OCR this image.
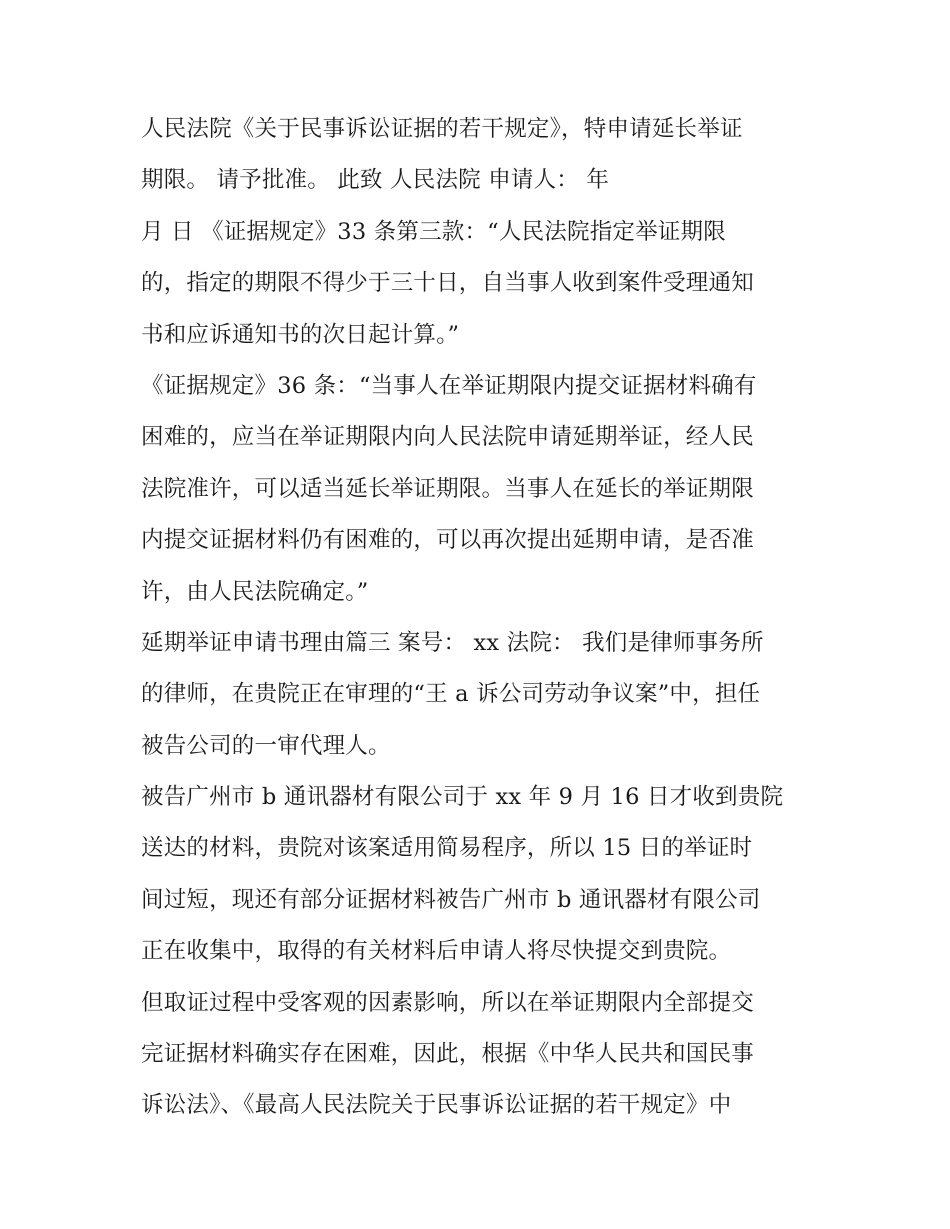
人民法院《关于民事诉讼证据的若干规定》，特申请延长举证
期限。 请予批准。 此致 人民法院 申请人： 年
月 日 《证据规定》33 条第三款：“人民法院指定举证期限
的，指定的期限不得少于三十日，自当事人收到案件受理通知
书和应诉通知书的次日起计算。”
《证据规定》36 条：“当事人在举证期限内提交证据材料确有
困难的，应当在举证期限内向人民法院申请延期举证，经人民
法院准许，可以适当延长举证期限。当事人在延长的举证期限
内提交证据材料仍有困难的，可以再次提出延期申请，是否准
许，由人民法院确定。”
延期举证申请书理由篇三 案号： xx 法院： 我们是律师事务所
的律师，在贵院正在审理的“王 a 诉公司劳动争议案”中，担任
被告公司的一审代理人。
被告广州市 b 通讯器材有限公司于 xx 年 9 月 16 日才收到贵院
送达的材料，贵院对该案适用简易程序，所以 15 日的举证时
间过短，现还有部分证据材料被告广州市 b 通讯器材有限公司
正在收集中，取得的有关材料后申请人将尽快提交到贵院。
但取证过程中受客观的因素影响，所以在举证期限内全部提交
完证据材料确实存在困难，因此，根据《中华人民共和国民事
诉讼法》、《最高人民法院关于民事诉讼证据的若干规定》中
